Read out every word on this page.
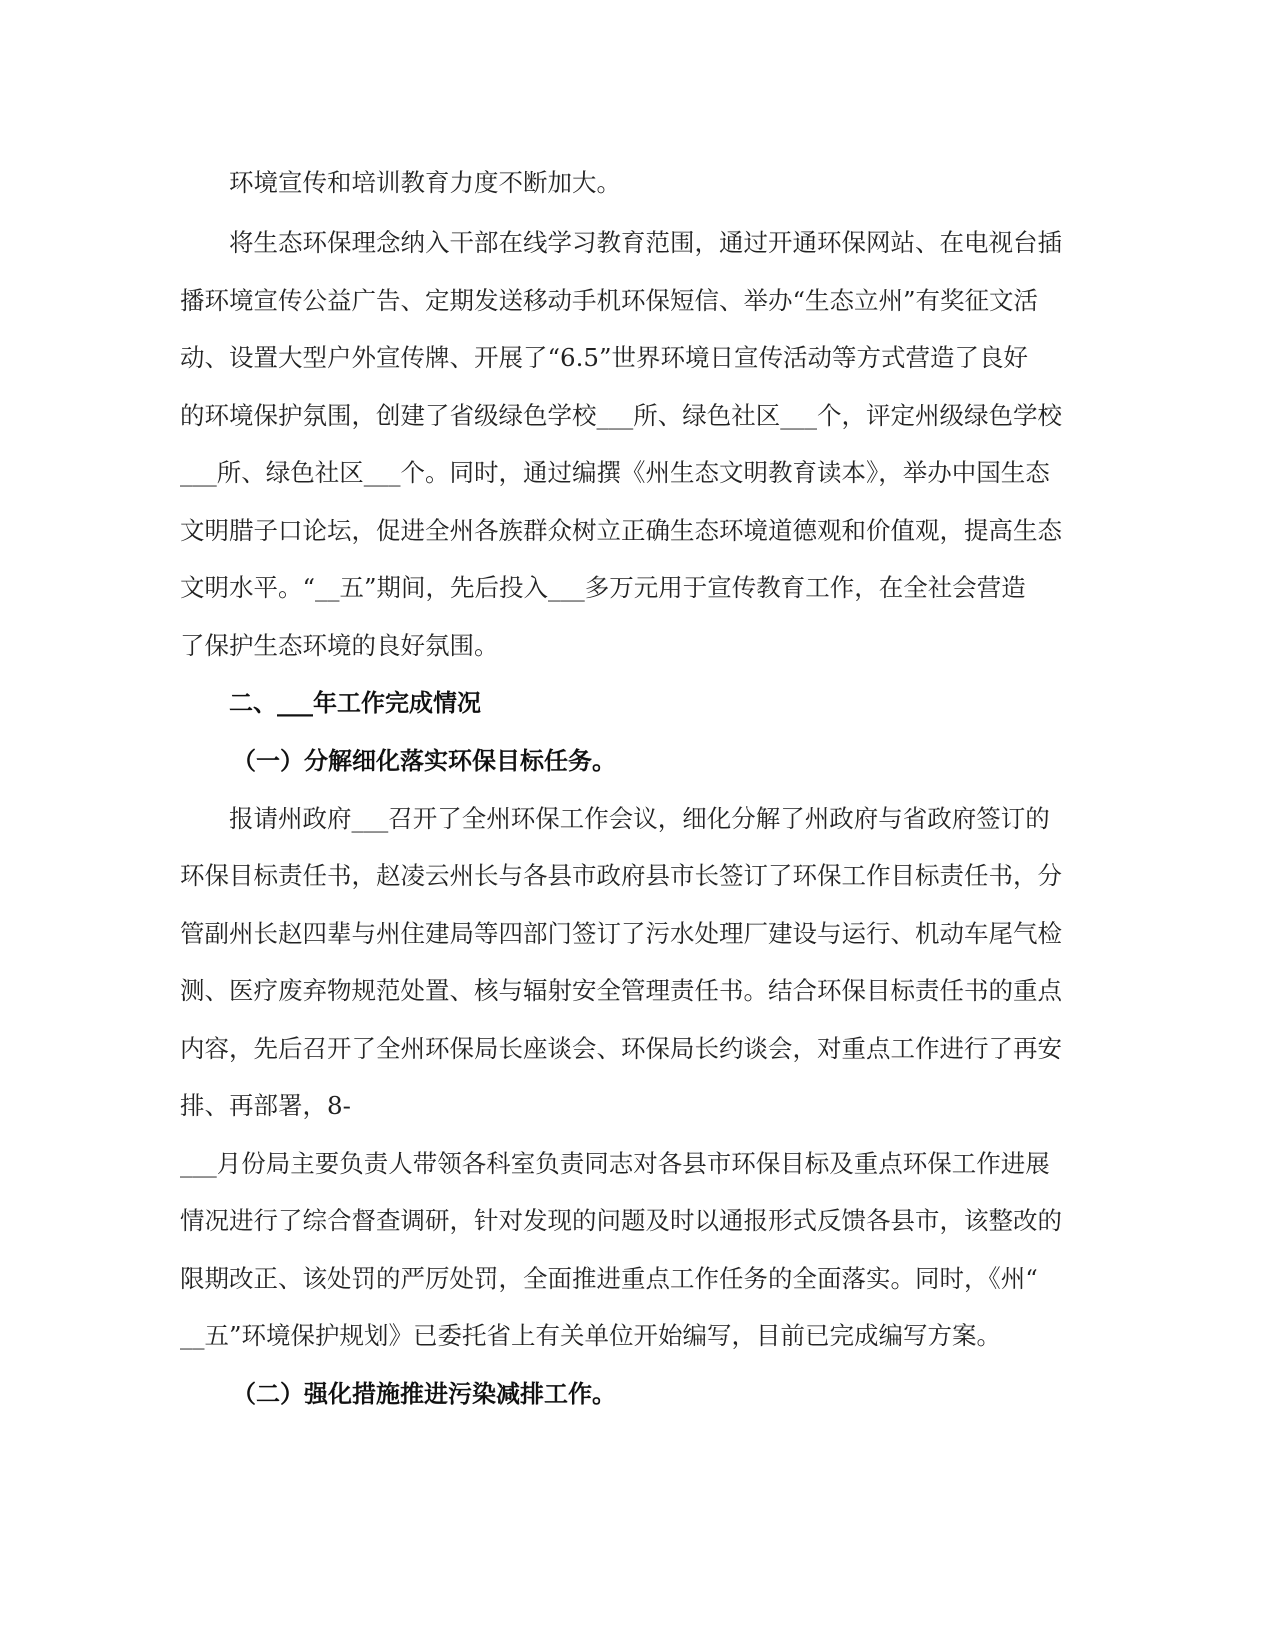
环境宣传和培训教育力度不断加大。

将生态环保理念纳入干部在线学习教育范围，通过开通环保网站、在电视台插

播环境宣传公益广告、定期发送移动手机环保短信、举办“生态立州”有奖征文活

动、设置大型户外宣传牌、开展了“6.5”世界环境日宣传活动等方式营造了良好

的环境保护氛围，创建了省级绿色学校___所、绿色社区___个，评定州级绿色学校

___所、绿色社区___个。同时，通过编撰《州生态文明教育读本》，举办中国生态

文明腊子口论坛，促进全州各族群众树立正确生态环境道德观和价值观，提高生态

文明水平。“__五”期间，先后投入___多万元用于宣传教育工作，在全社会营造

了保护生态环境的良好氛围。

二、___年工作完成情况

（一）分解细化落实环保目标任务。

报请州政府___召开了全州环保工作会议，细化分解了州政府与省政府签订的

环保目标责任书，赵凌云州长与各县市政府县市长签订了环保工作目标责任书，分

管副州长赵四辈与州住建局等四部门签订了污水处理厂建设与运行、机动车尾气检

测、医疗废弃物规范处置、核与辐射安全管理责任书。结合环保目标责任书的重点

内容，先后召开了全州环保局长座谈会、环保局长约谈会，对重点工作进行了再安

排、再部署，8-

___月份局主要负责人带领各科室负责同志对各县市环保目标及重点环保工作进展

情况进行了综合督查调研，针对发现的问题及时以通报形式反馈各县市，该整改的

限期改正、该处罚的严厉处罚，全面推进重点工作任务的全面落实。同时，《州“

__五”环境保护规划》已委托省上有关单位开始编写，目前已完成编写方案。

（二）强化措施推进污染减排工作。
